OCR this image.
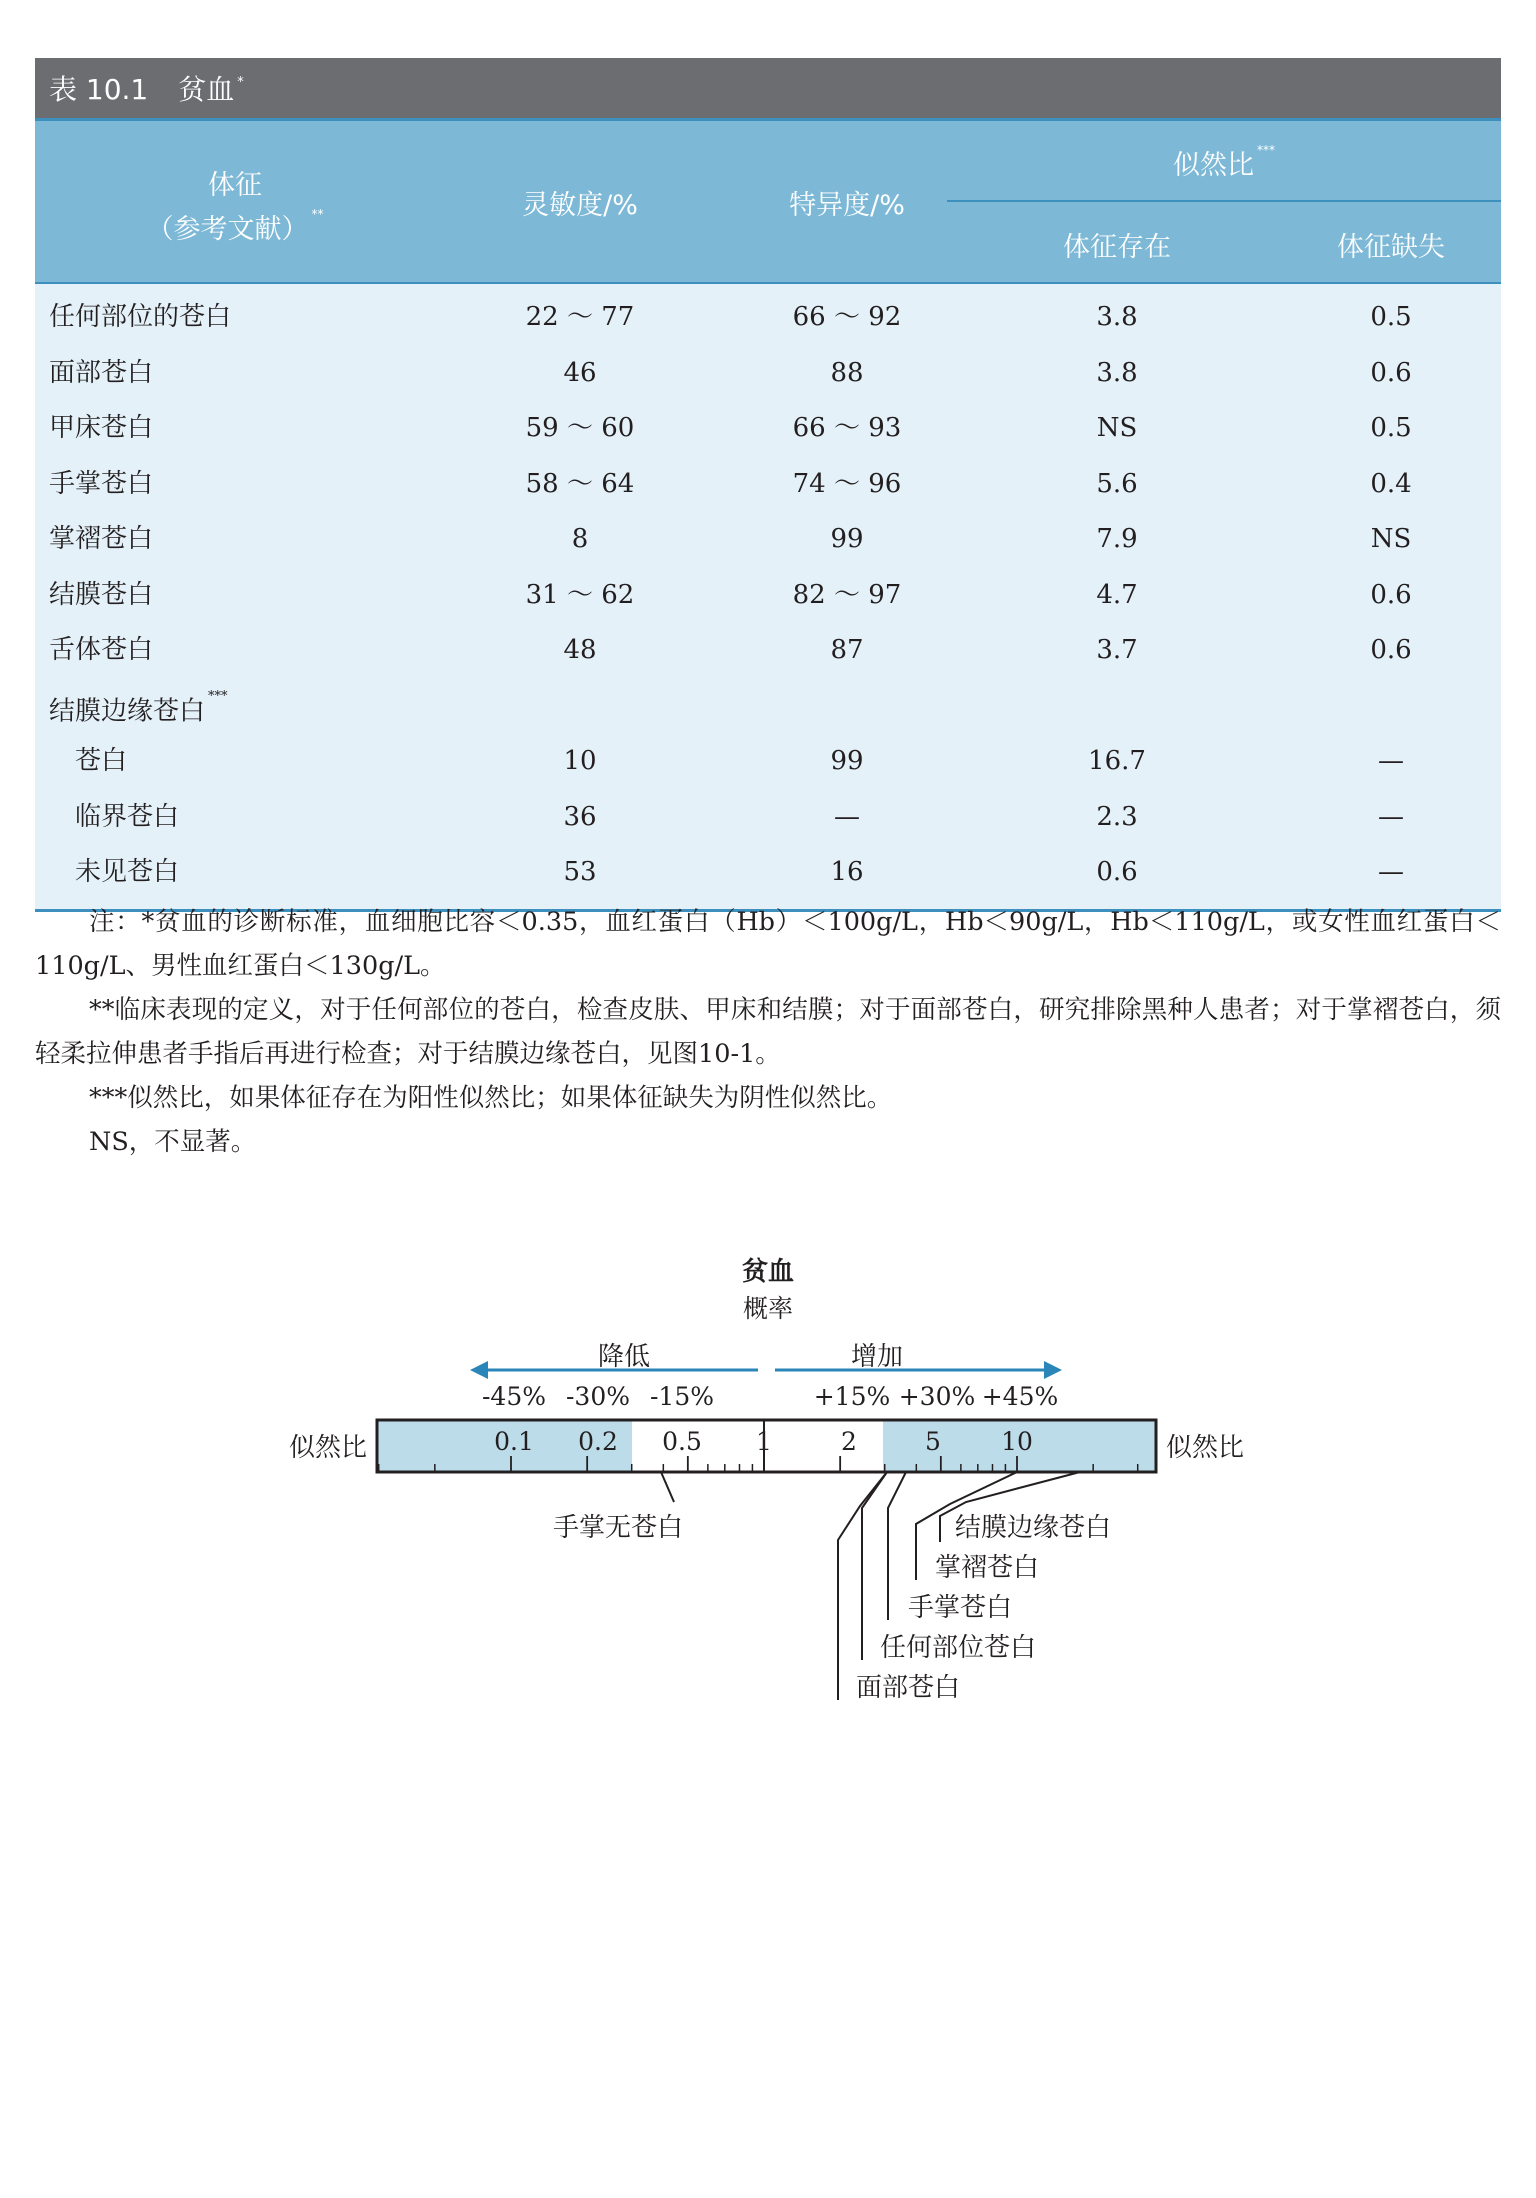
表 10.1 贫血*
体征
（参考文献） **	灵敏度/%	特异度/%
似然比 ***
体征存在	体征缺失
任何部位的苍白	22 ～ 77	66 ～ 92	3.8	0.5
面部苍白	46	88	3.8	0.6
甲床苍白	59 ～ 60	66 ～ 93	NS	0.5
手掌苍白	58 ～ 64	74 ～ 96	5.6	0.4
掌褶苍白	8	99	7.9	NS
结膜苍白	31 ～ 62	82 ～ 97	4.7	0.6
舌体苍白	48	87	3.7	0.6
结膜边缘苍白***
苍白	10	99	16.7	—
临界苍白	36	—	2.3	—
未见苍白	53	16	0.6	—

注：*贫血的诊断标准，血细胞比容＜0.35，血红蛋白（Hb）＜100g/L，Hb＜90g/L，Hb＜110g/L，或女性血红蛋白＜110g/L、男性血红蛋白＜130g/L。

**临床表现的定义，对于任何部位的苍白，检查皮肤、甲床和结膜；对于面部苍白，研究排除黑种人患者；对于掌褶苍白，须轻柔拉伸患者手指后再进行检查；对于结膜边缘苍白，见图10-1。

***似然比，如果体征存在为阳性似然比；如果体征缺失为阴性似然比。

NS，不显著。

贫血
概率
降低	增加
-45% -30% -15%	+15% +30% +45%
似然比	似然比
0.1 0.2 0.5 1	2	5 10
手掌无苍白	结膜边缘苍白
掌褶苍白
手掌苍白
任何部位苍白
面部苍白
